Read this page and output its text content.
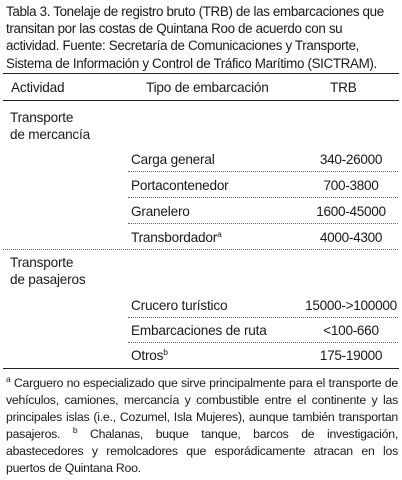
Tabla 3. Tonelaje de registro bruto (TRB) de las embarcaciones que transitan por las costas de Quintana Roo de acuerdo con su actividad. Fuente: Secretaría de Comunicaciones y Transporte, Sistema de Información y Control de Tráfico Marítimo (SICTRAM).
Actividad	Tipo de embarcación	TRB
Transporte
de mercancía
Carga general	340-26000
Portacontenedor	700-3800
Granelero	1600-45000
Transbordador$^a$	4000-4300
Transporte
de pasajeros
Crucero turístico	15000->100000
Embarcaciones de ruta	<100-660
Otros$^b$	175-19000
$^a$ Carguero no especializado que sirve principalmente para el transporte de vehículos, camiones, mercancía y combustible entre el continente y las principales islas (i.e., Cozumel, Isla Mujeres), aunque también transportan pasajeros. $^b$ Chalanas, buque tanque, barcos de investigación, abastecedores y remolcadores que esporádicamente atracan en los puertos de Quintana Roo.
